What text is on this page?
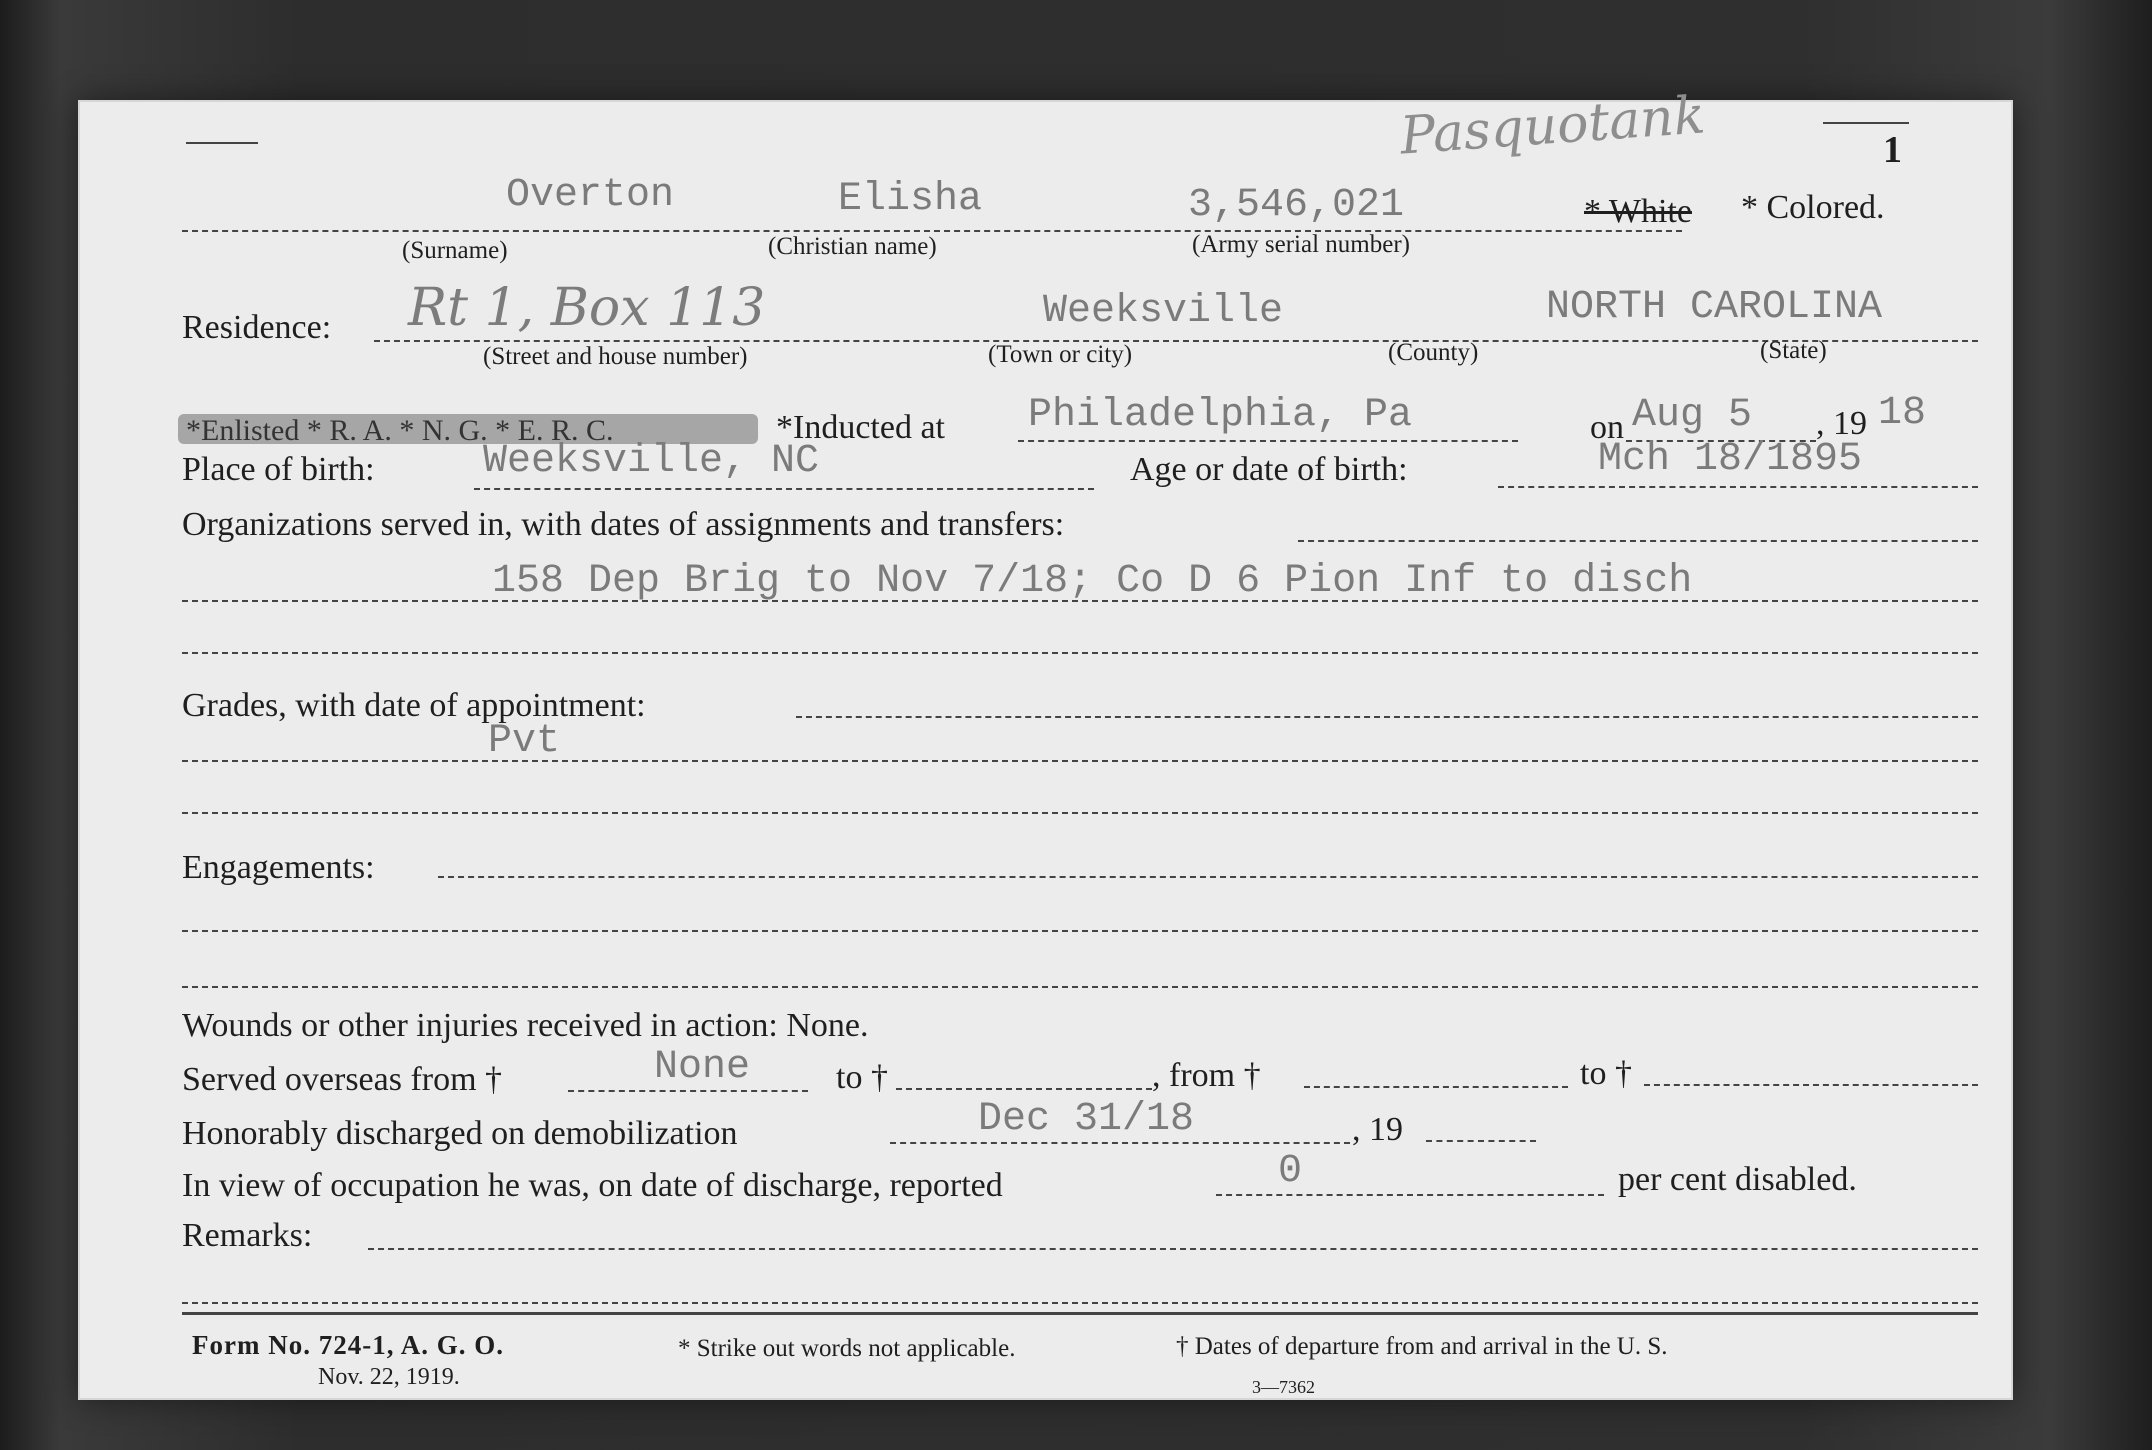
1
Pasquotank
Overton	Elisha	3,546,021	* White * Colored.
(Surname)	(Christian name)	(Army serial number)
Residence: Rt 1, Box 113	Weeksville	NORTH CAROLINA
(Street and house number)	(Town or city)	(County)	(State)
*Enlisted * R. A. * N. G. * E. R. C.	*Inducted at Philadelphia, Pa	on Aug 5 , 19 18
Place of birth:	Weeksville, NC	Age or date of birth:	Mch 18/1895
Organizations served in, with dates of assignments and transfers:
158 Dep Brig to Nov 7/18; Co D 6 Pion Inf to disch
Grades, with date of appointment:
Pvt
Engagements:
Wounds or other injuries received in action: None.
Served overseas from †	None	to †	, from †	to †
Honorably discharged on demobilization	Dec 31/18	, 19
In view of occupation he was, on date of discharge, reported	0	per cent disabled.
Remarks:
Form No. 724-1, A. G. O.
Nov. 22, 1919.
* Strike out words not applicable.	† Dates of departure from and arrival in the U. S.
3—7362
